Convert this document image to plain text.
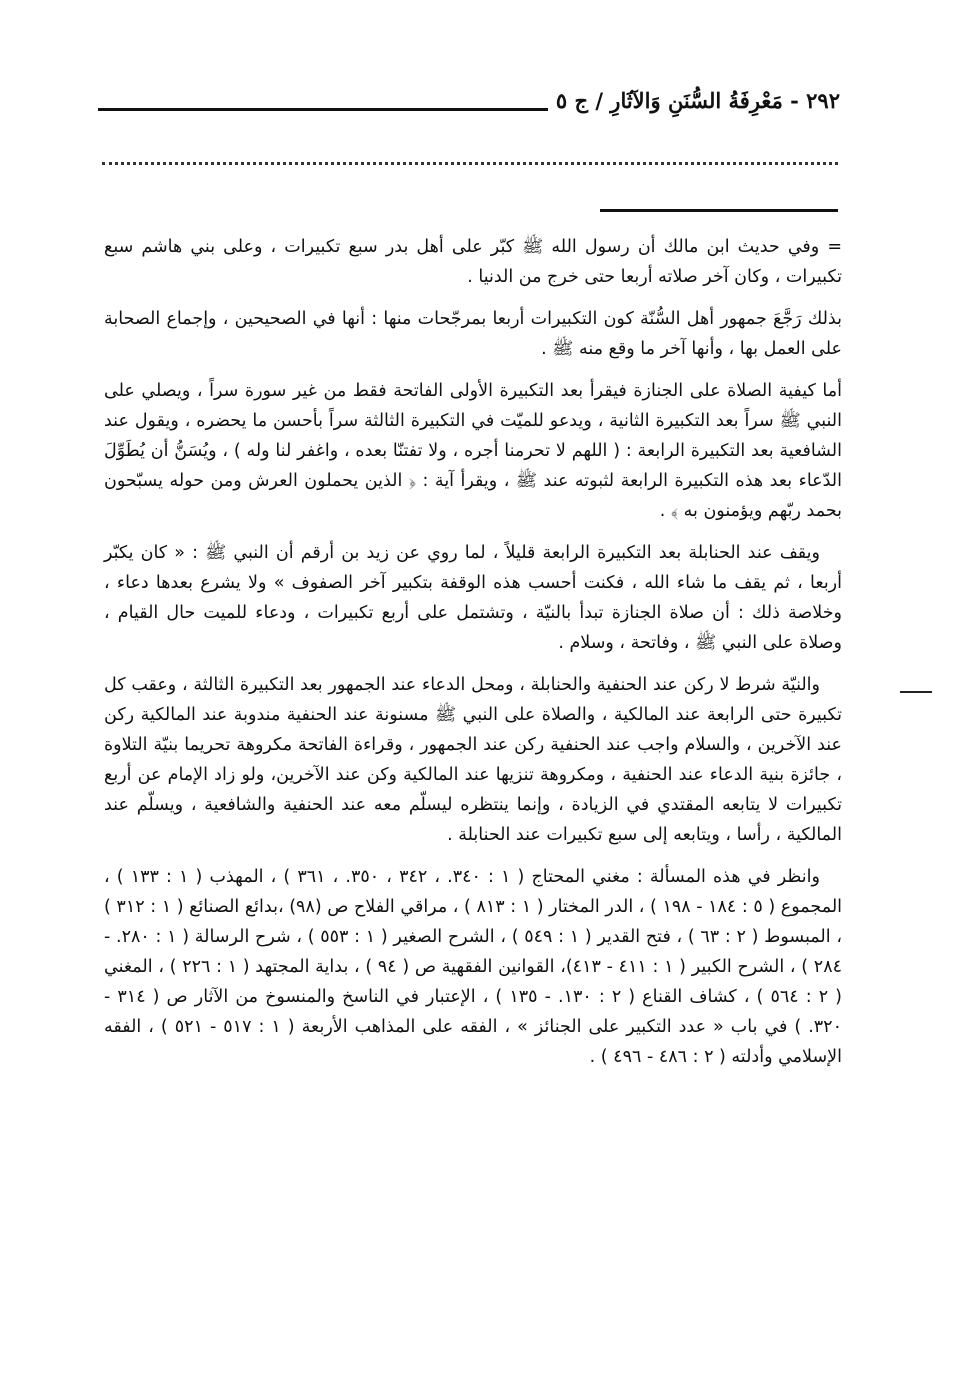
٢٩٢ - مَعْرِفَةُ السُّنَنِ وَالآثَارِ / ج ٥

= وفي حديث ابن مالك أن رسول الله ﷺ كبّر على أهل بدر سبع تكبيرات ، وعلى بني هاشم سبع تكبيرات ، وكان آخر صلاته أربعا حتى خرج من الدنيا .

بذلك رَجَّعَ جمهور أهل السُّنّة كون التكبيرات أربعا بمرجّحات منها : أنها في الصحيحين ، وإجماع الصحابة على العمل بها ، وأنها آخر ما وقع منه ﷺ .

أما كيفية الصلاة على الجنازة فيقرأ بعد التكبيرة الأولى الفاتحة فقط من غير سورة سراً ، ويصلي على النبي ﷺ سراً بعد التكبيرة الثانية ، ويدعو للميّت في التكبيرة الثالثة سراً بأحسن ما يحضره ، ويقول عند الشافعية بعد التكبيرة الرابعة : ( اللهم لا تحرمنا أجره ، ولا تفتنّا بعده ، واغفر لنا وله ) ، ويُسَنُّ أن يُطَوِّلَ الدّعاء بعد هذه التكبيرة الرابعة لثبوته عند ﷺ ، ويقرأ آية : ﴿ الذين يحملون العرش ومن حوله يسبّحون بحمد ربّهم ويؤمنون به ﴾ .

ويقف عند الحنابلة بعد التكبيرة الرابعة قليلاً ، لما روي عن زيد بن أرقم أن النبي ﷺ : « كان يكبّر أربعا ، ثم يقف ما شاء الله ، فكنت أحسب هذه الوقفة بتكبير آخر الصفوف » ولا يشرع بعدها دعاء ، وخلاصة ذلك : أن صلاة الجنازة تبدأ بالنيّة ، وتشتمل على أربع تكبيرات ، ودعاء للميت حال القيام ، وصلاة على النبي ﷺ ، وفاتحة ، وسلام .

والنيّة شرط لا ركن عند الحنفية والحنابلة ، ومحل الدعاء عند الجمهور بعد التكبيرة الثالثة ، وعقب كل تكبيرة حتى الرابعة عند المالكية ، والصلاة على النبي ﷺ مسنونة عند الحنفية مندوبة عند المالكية ركن عند الآخرين ، والسلام واجب عند الحنفية ركن عند الجمهور ، وقراءة الفاتحة مكروهة تحريما بنيّة التلاوة ، جائزة بنية الدعاء عند الحنفية ، ومكروهة تنزيها عند المالكية وكن عند الآخرين، ولو زاد الإمام عن أربع تكبيرات لا يتابعه المقتدي في الزيادة ، وإنما ينتظره ليسلّم معه عند الحنفية والشافعية ، ويسلّم عند المالكية ، رأسا ، ويتابعه إلى سبع تكبيرات عند الحنابلة .

وانظر في هذه المسألة : مغني المحتاج ( ١ : ٣٤٠. ، ٣٤٢ ، ٣٥٠. ، ٣٦١ ) ، المهذب ( ١ : ١٣٣ ) ، المجموع ( ٥ : ١٨٤ - ١٩٨ ) ، الدر المختار ( ١ : ٨١٣ ) ، مراقي الفلاح ص (٩٨) ،بدائع الصنائع ( ١ : ٣١٢ ) ، المبسوط ( ٢ : ٦٣ ) ، فتح القدير ( ١ : ٥٤٩ ) ، الشرح الصغير ( ١ : ٥٥٣ ) ، شرح الرسالة ( ١ : ٢٨٠. - ٢٨٤ ) ، الشرح الكبير ( ١ : ٤١١ - ٤١٣)، القوانين الفقهية ص ( ٩٤ ) ، بداية المجتهد ( ١ : ٢٢٦ ) ، المغني ( ٢ : ٥٦٤ ) ، كشاف القناع ( ٢ : ١٣٠. - ١٣٥ ) ، الإعتبار في الناسخ والمنسوخ من الآثار ص ( ٣١٤ - ٣٢٠. ) في باب « عدد التكبير على الجنائز » ، الفقه على المذاهب الأربعة ( ١ : ٥١٧ - ٥٢١ ) ، الفقه الإسلامي وأدلته ( ٢ : ٤٨٦ - ٤٩٦ ) .
